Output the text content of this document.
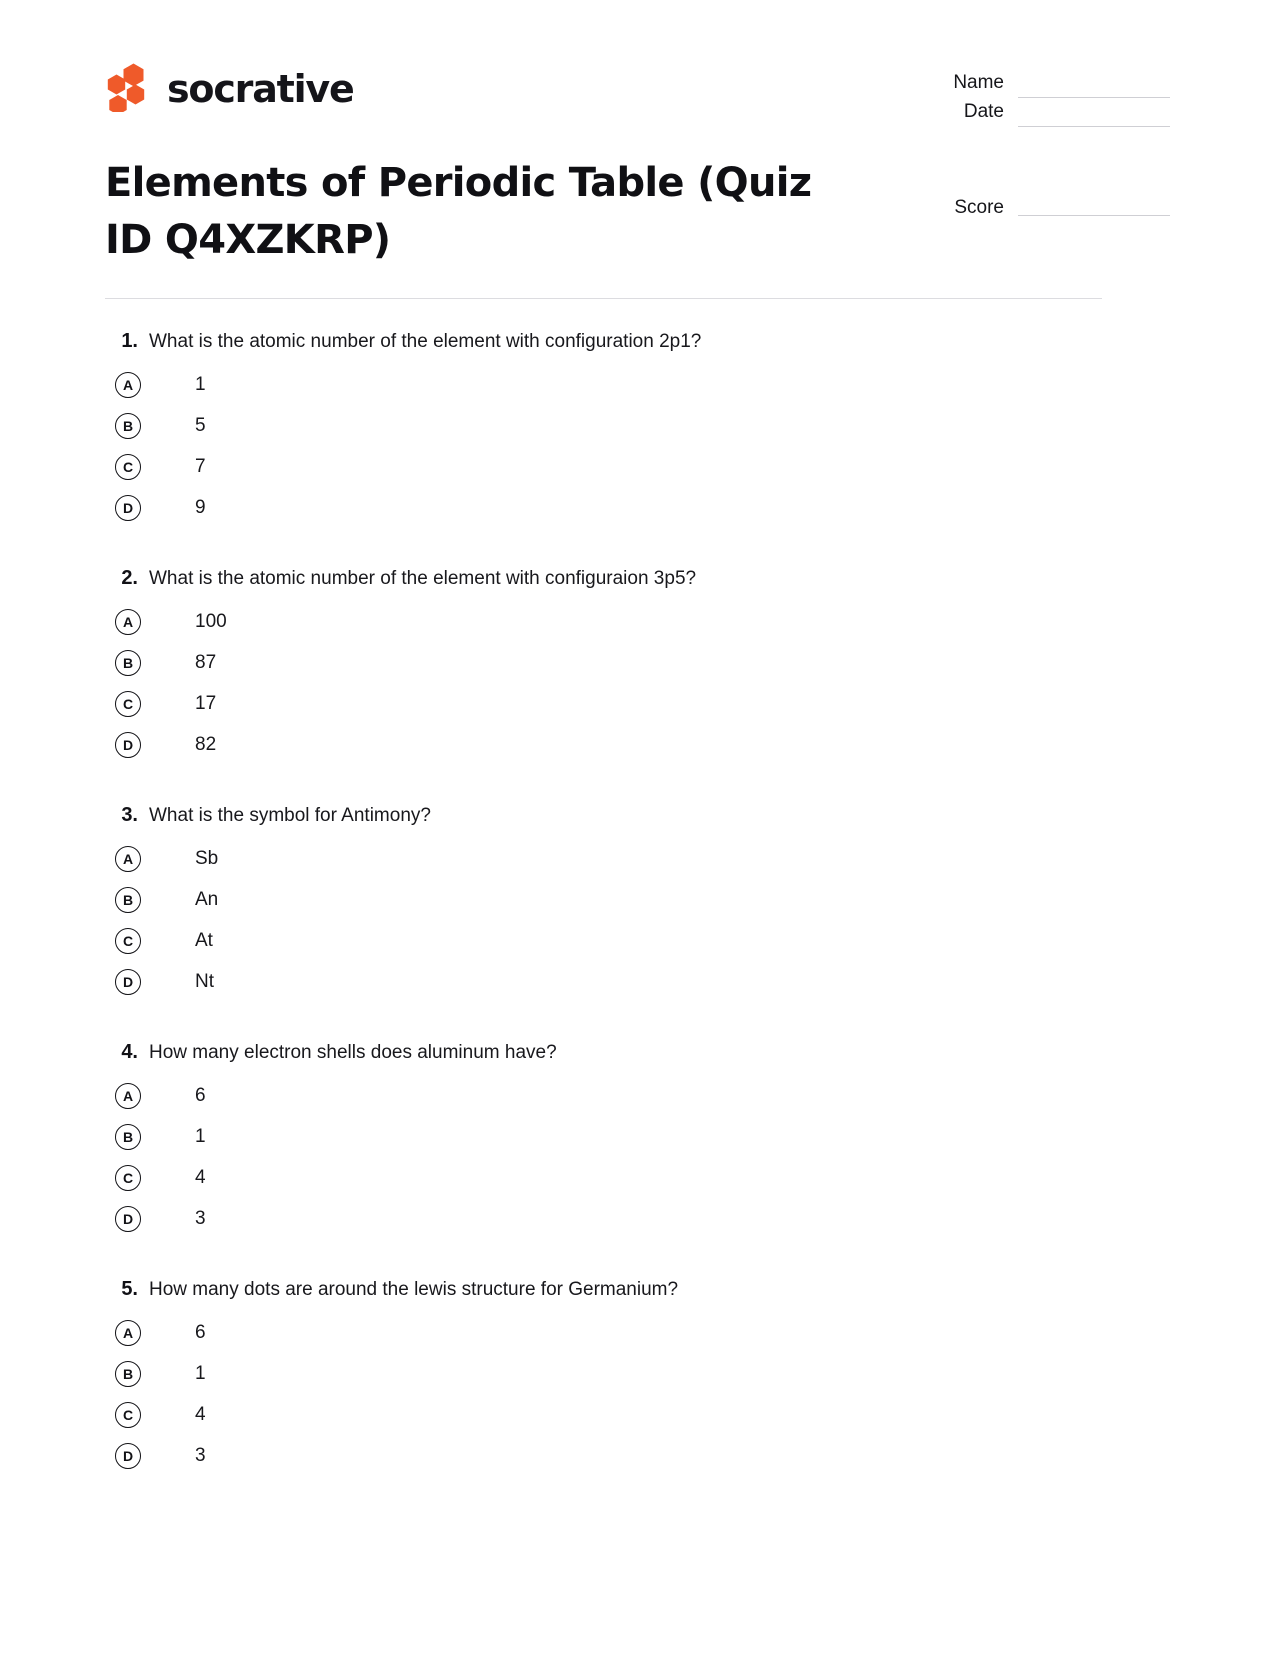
socrative	Name
Date
Score
Elements of Periodic Table (Quiz ID Q4XZKRP)
1. What is the atomic number of the element with configuration 2p1?
A	1
B	5
C	7
D	9
2. What is the atomic number of the element with configuraion 3p5?
A	100
B	87
C	17
D	82
3. What is the symbol for Antimony?
A	Sb
B	An
C	At
D	Nt
4. How many electron shells does aluminum have?
A	6
B	1
C	4
D	3
5. How many dots are around the lewis structure for Germanium?
A	6
B	1
C	4
D	3
